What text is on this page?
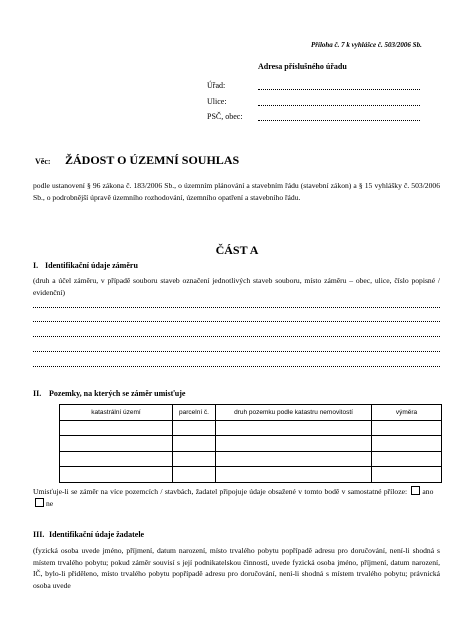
Příloha č. 7 k vyhlášce č. 503/2006 Sb.
Adresa příslušného úřadu
Úřad:
Ulice:
PSČ, obec:
Věc: ŽÁDOST O ÚZEMNÍ SOUHLAS
podle ustanovení § 96 zákona č. 183/2006 Sb., o územním plánování a stavebním řádu (stavební zákon) a § 15 vyhlášky č. 503/2006 Sb., o podrobnější úpravě územního rozhodování, územního opatření a stavebního řádu.
ČÁST A
I. Identifikační údaje záměru
(druh a účel záměru, v případě souboru staveb označení jednotlivých staveb souboru, místo záměru – obec, ulice, číslo popisné / evidenční)
II. Pozemky, na kterých se záměr umisťuje
katastrální území	parcelní č.	druh pozemku podle katastru nemovitostí	výměra

Umisťuje-li se záměr na více pozemcích / stavbách, žadatel připojuje údaje obsažené v tomto bodě v samostatné příloze: ano   ne
III. Identifikační údaje žadatele
(fyzická osoba uvede jméno, příjmení, datum narození, místo trvalého pobytu popřípadě adresu pro doručování, není-li shodná s místem trvalého pobytu; pokud záměr souvisí s její podnikatelskou činností, uvede fyzická osoba jméno, příjmení, datum narození, IČ, bylo-li přiděleno, místo trvalého pobytu popřípadě adresu pro doručování, není-li shodná s místem trvalého pobytu; právnická osoba uvede
